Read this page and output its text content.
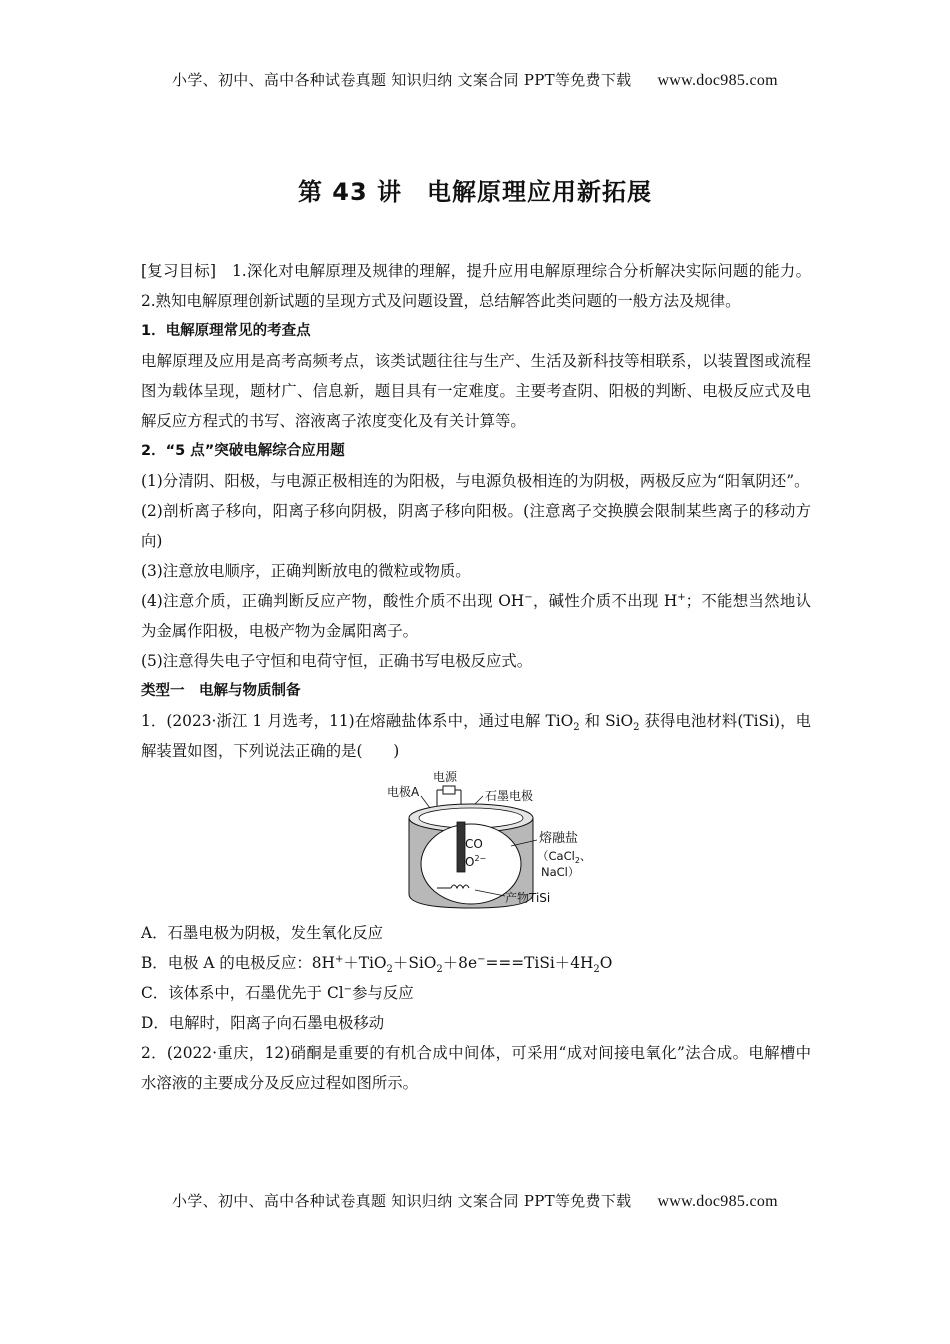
小学、初中、高中各种试卷真题 知识归纳 文案合同 PPT等免费下载 www.doc985.com
第 43 讲　电解原理应用新拓展

[复习目标]　 1.深化对电解原理及规律的理解，提升应用电解原理综合分析解决实际问题的能力。2.熟知电解原理创新试题的呈现方式及问题设置，总结解答此类问题的一般方法及规律。

1．电解原理常见的考查点

电解原理及应用是高考高频考点，该类试题往往与生产、生活及新科技等相联系，以装置图或流程图为载体呈现，题材广、信息新，题目具有一定难度。主要考查阴、阳极的判断、电极反应式及电解反应方程式的书写、溶液离子浓度变化及有关计算等。

2．“5 点”突破电解综合应用题

(1)分清阴、阳极，与电源正极相连的为阳极，与电源负极相连的为阴极，两极反应为“阳氧阴还”。

(2)剖析离子移向，阳离子移向阴极，阴离子移向阳极。(注意离子交换膜会限制某些离子的移动方向)

(3)注意放电顺序，正确判断放电的微粒或物质。

(4)注意介质，正确判断反应产物，酸性介质不出现 OH−，碱性介质不出现 H+；不能想当然地认为金属作阳极，电极产物为金属阳离子。

(5)注意得失电子守恒和电荷守恒，正确书写电极反应式。

类型一　电解与物质制备

1．(2023·浙江 1 月选考，11)在熔融盐体系中，通过电解 TiO$_2$ 和 SiO$_2$ 获得电池材料(TiSi)，电解装置如图，下列说法正确的是(　　)

电源
电极A	石墨电极
CO
$O^{2-}$
熔融盐
（CaCl$_2$、
NaCl）
产物TiSi

A．石墨电极为阴极，发生氧化反应

B．电极 A 的电极反应：$8H^++TiO_2+SiO_2+8e^-===TiSi+4H_2O$

C．该体系中，石墨优先于 Cl−参与反应

D．电解时，阳离子向石墨电极移动

2．(2022·重庆，12)硝酮是重要的有机合成中间体，可采用“成对间接电氧化”法合成。电解槽中水溶液的主要成分及反应过程如图所示。

小学、初中、高中各种试卷真题 知识归纳 文案合同 PPT等免费下载 www.doc985.com
